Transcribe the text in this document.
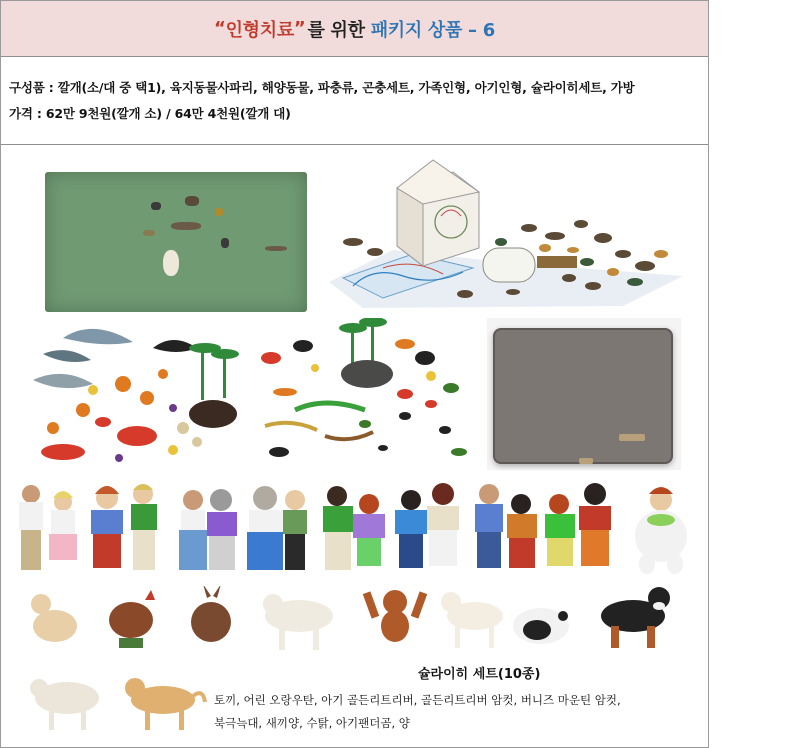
“ 인형치료 ” 를 위한 패키지 상품 – 6
구성품 : 깔개(소/대 중 택1), 육지동물사파리, 해양동물, 파충류, 곤충세트, 가족인형, 아기인형, 슐라이히세트, 가방
가격 : 62만 9천원(깔개 소) / 64만 4천원(깔개 대)
슐라이히 세트(10종)
토끼, 어린 오랑우탄, 아기 골든리트리버, 골든리트리버 암컷, 버니즈 마운틴 암컷,
북극늑대, 새끼양, 수탉, 아기팬더곰, 양
